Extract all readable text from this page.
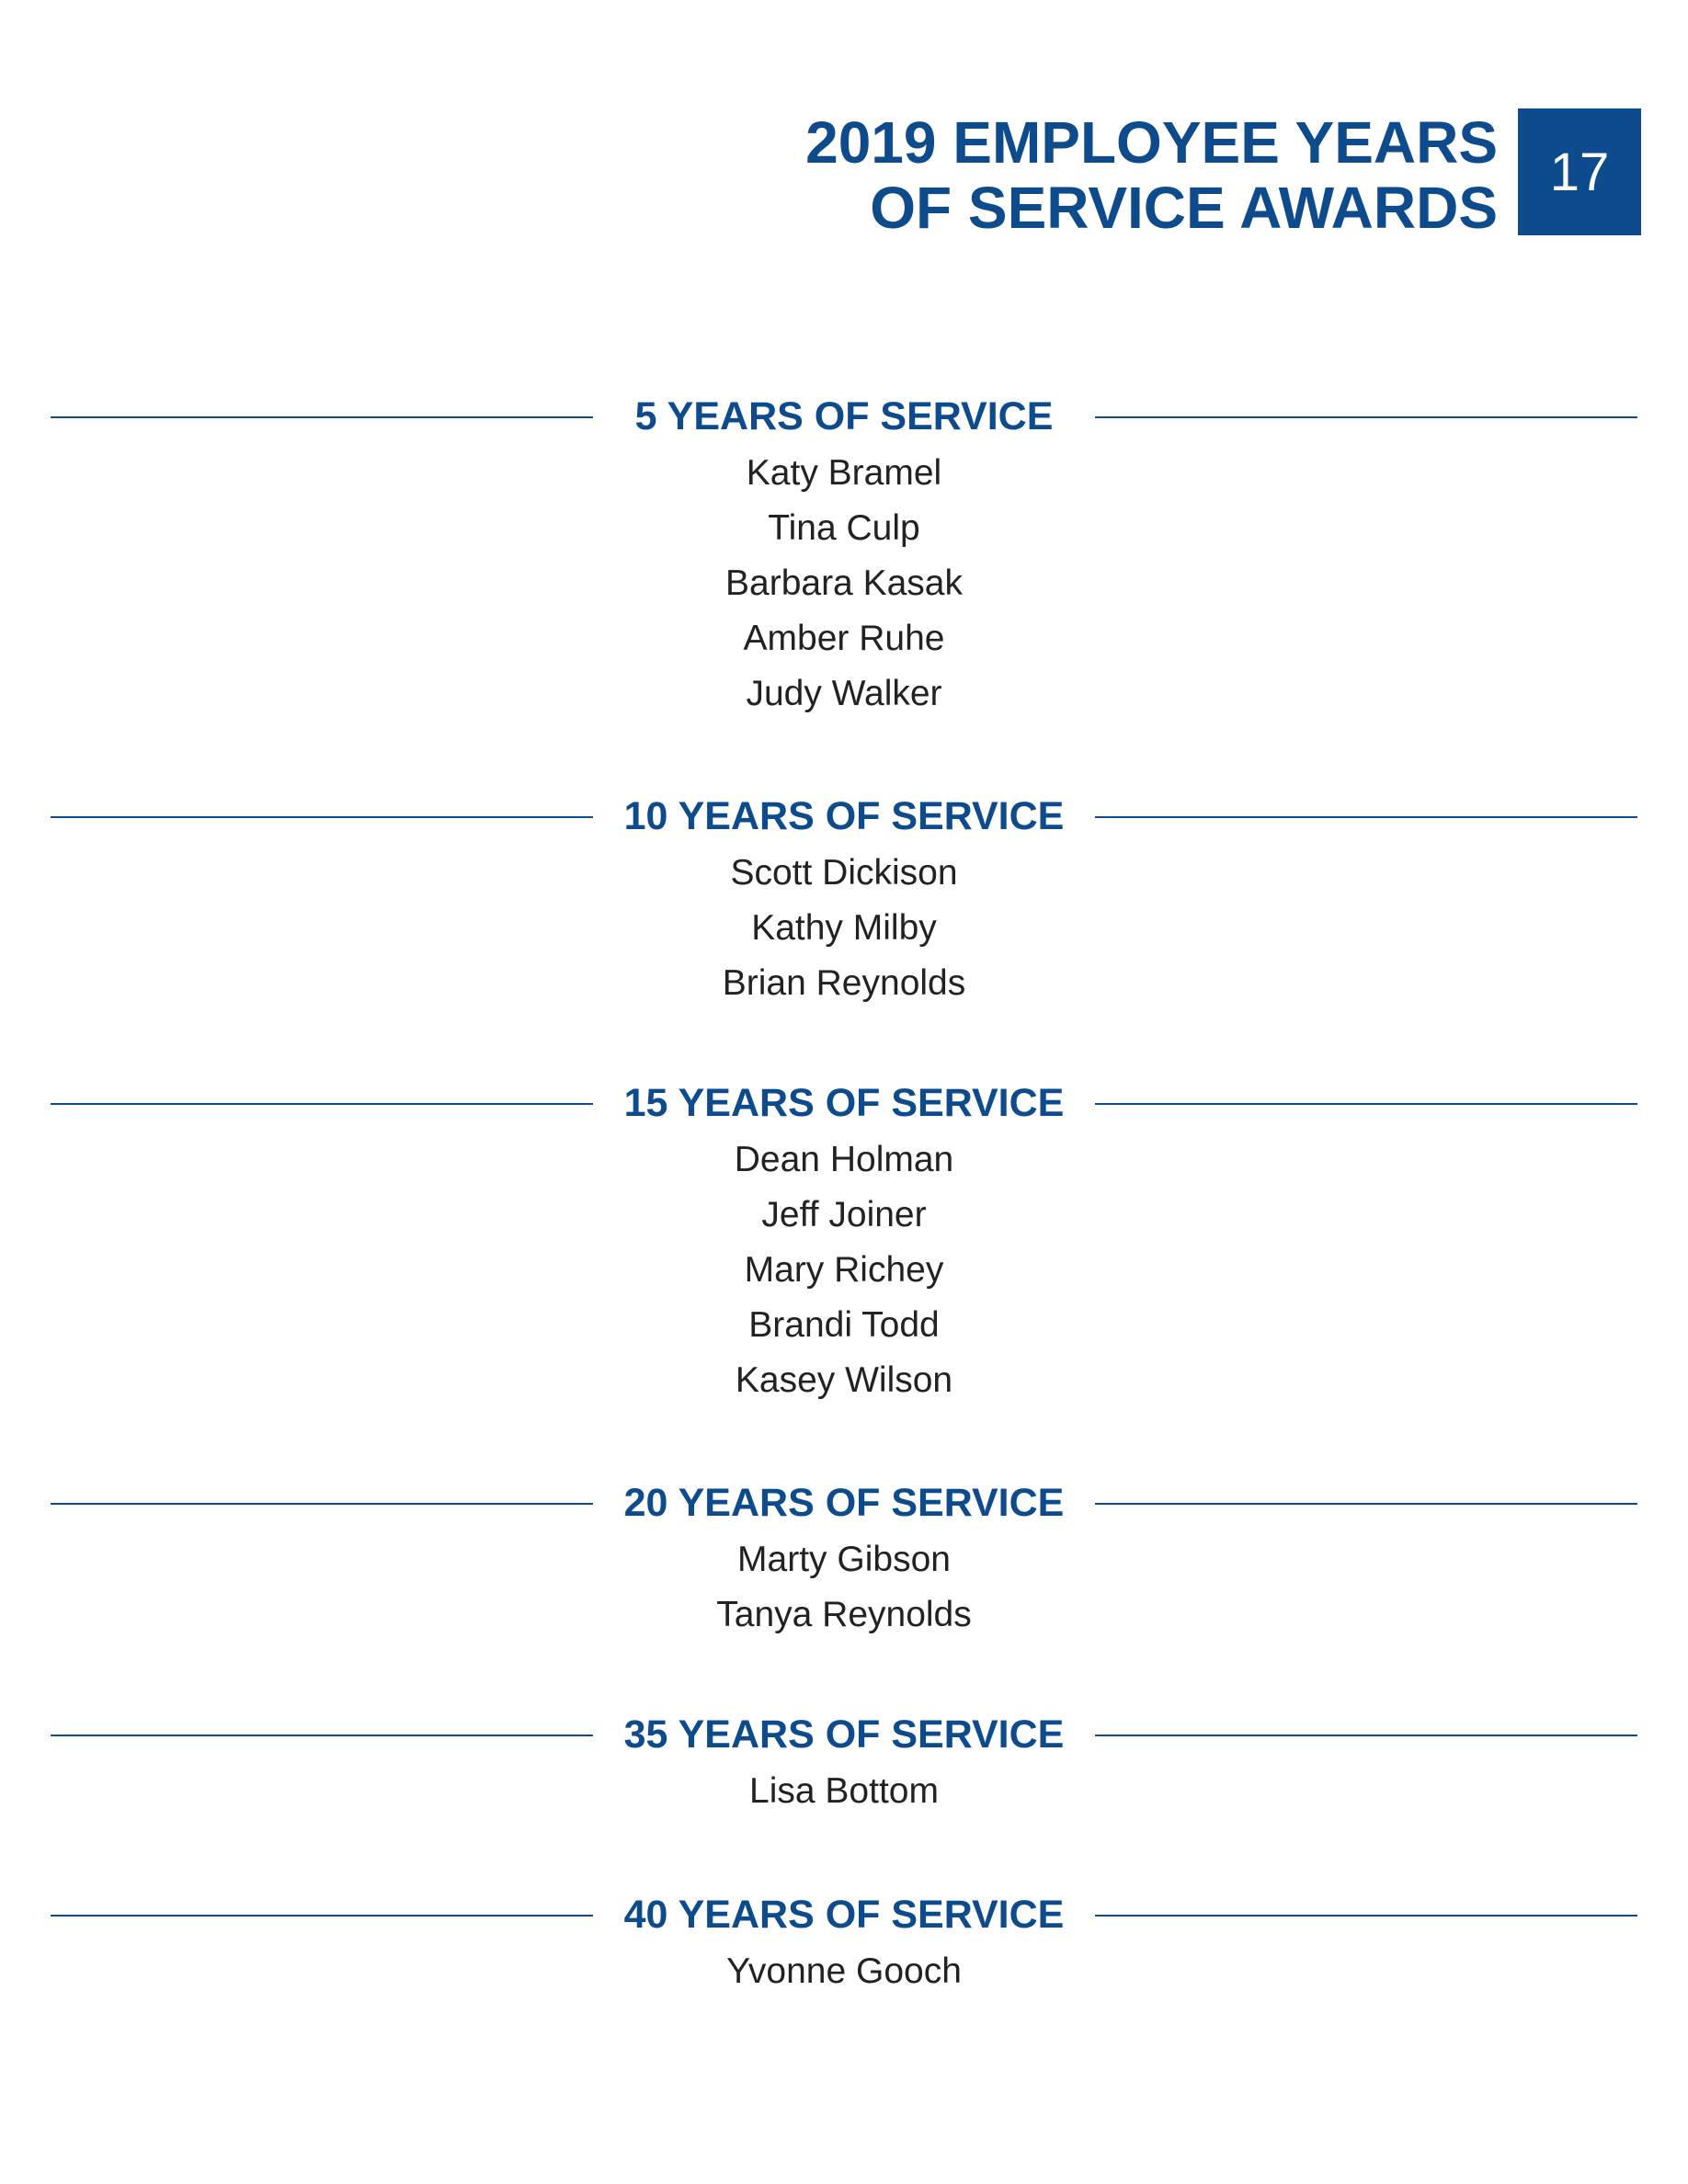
2019 EMPLOYEE YEARS
OF SERVICE AWARDS
17
5 YEARS OF SERVICE
Katy Bramel
Tina Culp
Barbara Kasak
Amber Ruhe
Judy Walker
10 YEARS OF SERVICE
Scott Dickison
Kathy Milby
Brian Reynolds
15 YEARS OF SERVICE
Dean Holman
Jeff Joiner
Mary Richey
Brandi Todd
Kasey Wilson
20 YEARS OF SERVICE
Marty Gibson
Tanya Reynolds
35 YEARS OF SERVICE
Lisa Bottom
40 YEARS OF SERVICE
Yvonne Gooch
